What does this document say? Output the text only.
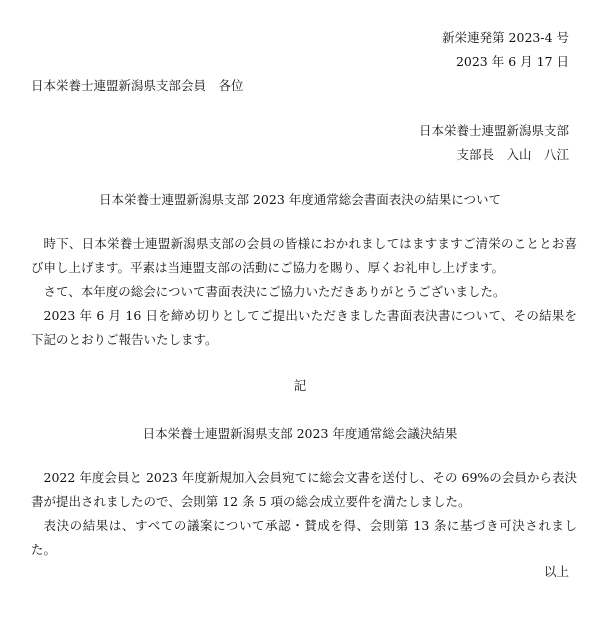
新栄連発第 2023-4 号
2023 年 6 月 17 日
日本栄養士連盟新潟県支部会員　各位
日本栄養士連盟新潟県支部
支部長　入山　八江
日本栄養士連盟新潟県支部 2023 年度通常総会書面表決の結果について
時下、日本栄養士連盟新潟県支部の会員の皆様におかれましてはますますご清栄のこととお喜び申し上げます。平素は当連盟支部の活動にご協力を賜り、厚くお礼申し上げます。
さて、本年度の総会について書面表決にご協力いただきありがとうございました。
2023 年 6 月 16 日を締め切りとしてご提出いただきました書面表決書について、その結果を下記のとおりご報告いたします。
記
日本栄養士連盟新潟県支部 2023 年度通常総会議決結果
2022 年度会員と 2023 年度新規加入会員宛てに総会文書を送付し、その 69%の会員から表決書が提出されましたので、会則第 12 条 5 項の総会成立要件を満たしました。
表決の結果は、すべての議案について承認・賛成を得、会則第 13 条に基づき可決されました。
以上
